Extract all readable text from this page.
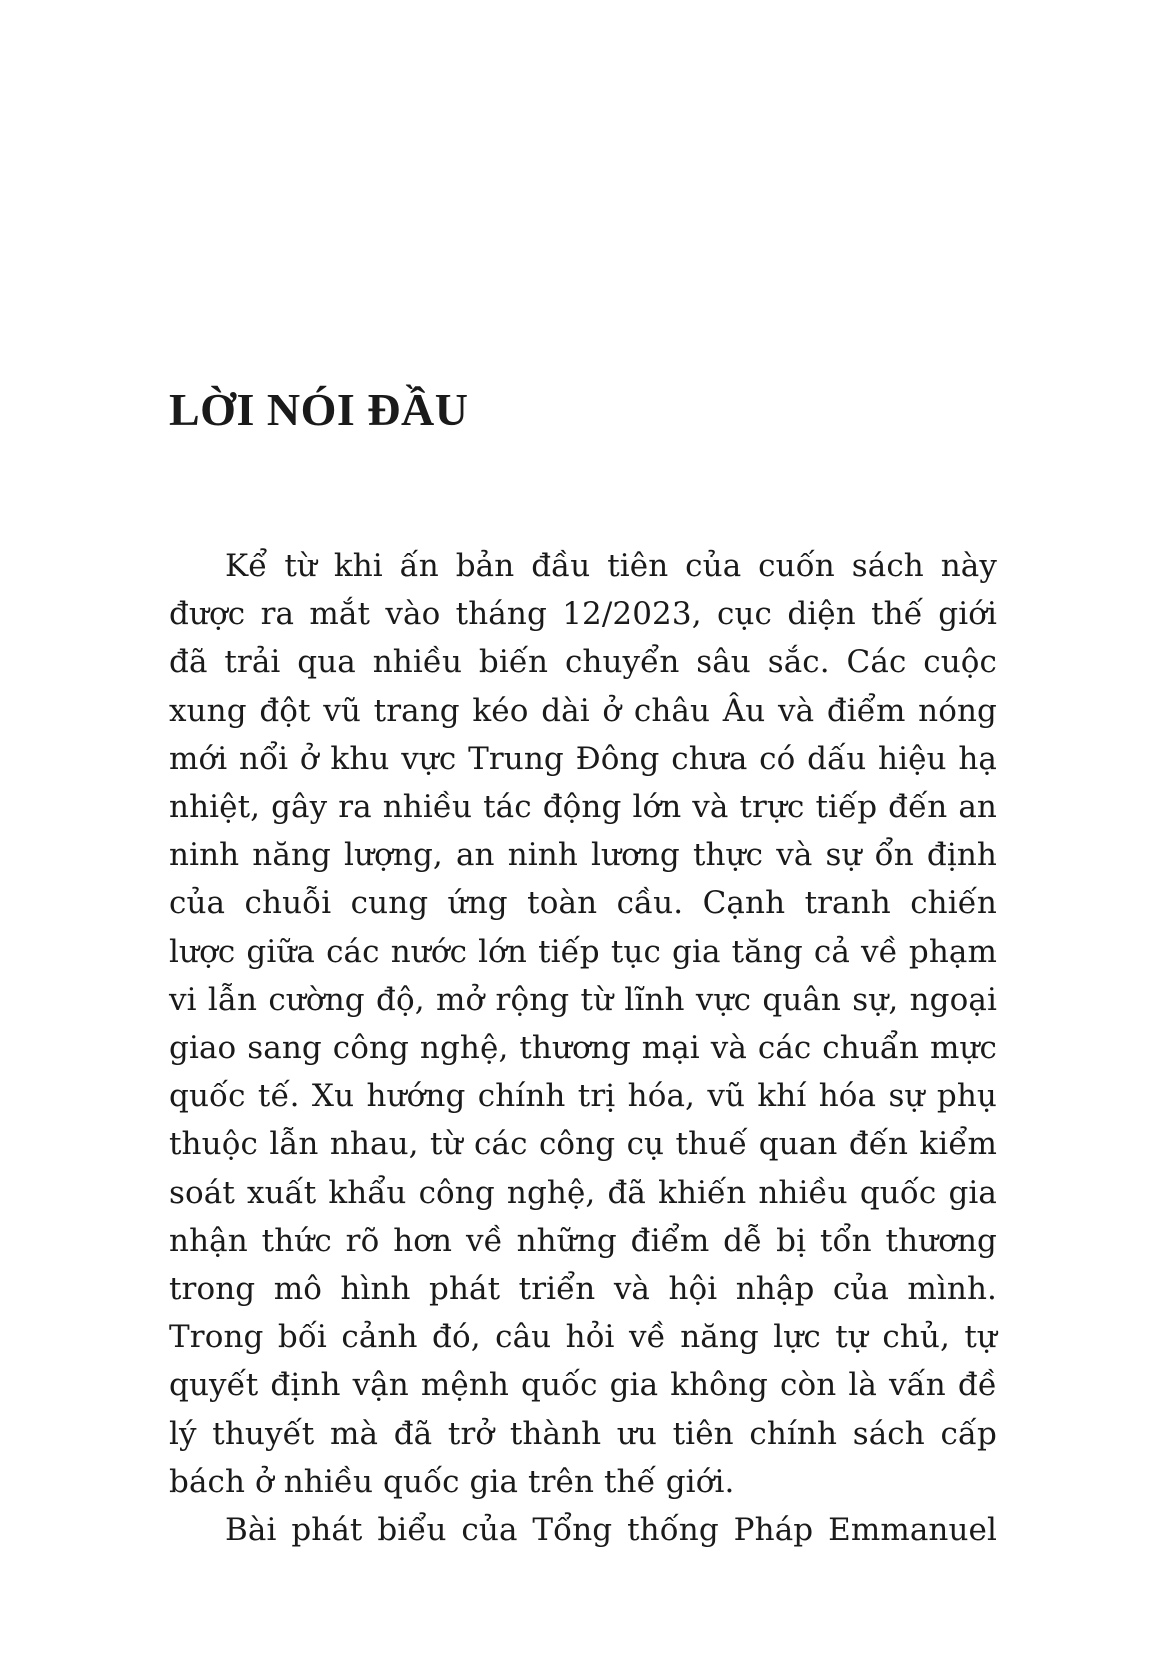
LỜI NÓI ĐẦU

Kể từ khi ấn bản đầu tiên của cuốn sách này được ra mắt vào tháng 12/2023, cục diện thế giới đã trải qua nhiều biến chuyển sâu sắc. Các cuộc xung đột vũ trang kéo dài ở châu Âu và điểm nóng mới nổi ở khu vực Trung Đông chưa có dấu hiệu hạ nhiệt, gây ra nhiều tác động lớn và trực tiếp đến an ninh năng lượng, an ninh lương thực và sự ổn định của chuỗi cung ứng toàn cầu. Cạnh tranh chiến lược giữa các nước lớn tiếp tục gia tăng cả về phạm vi lẫn cường độ, mở rộng từ lĩnh vực quân sự, ngoại giao sang công nghệ, thương mại và các chuẩn mực quốc tế. Xu hướng chính trị hóa, vũ khí hóa sự phụ thuộc lẫn nhau, từ các công cụ thuế quan đến kiểm soát xuất khẩu công nghệ, đã khiến nhiều quốc gia nhận thức rõ hơn về những điểm dễ bị tổn thương trong mô hình phát triển và hội nhập của mình. Trong bối cảnh đó, câu hỏi về năng lực tự chủ, tự quyết định vận mệnh quốc gia không còn là vấn đề lý thuyết mà đã trở thành ưu tiên chính sách cấp bách ở nhiều quốc gia trên thế giới.

Bài phát biểu của Tổng thống Pháp Emmanuel
